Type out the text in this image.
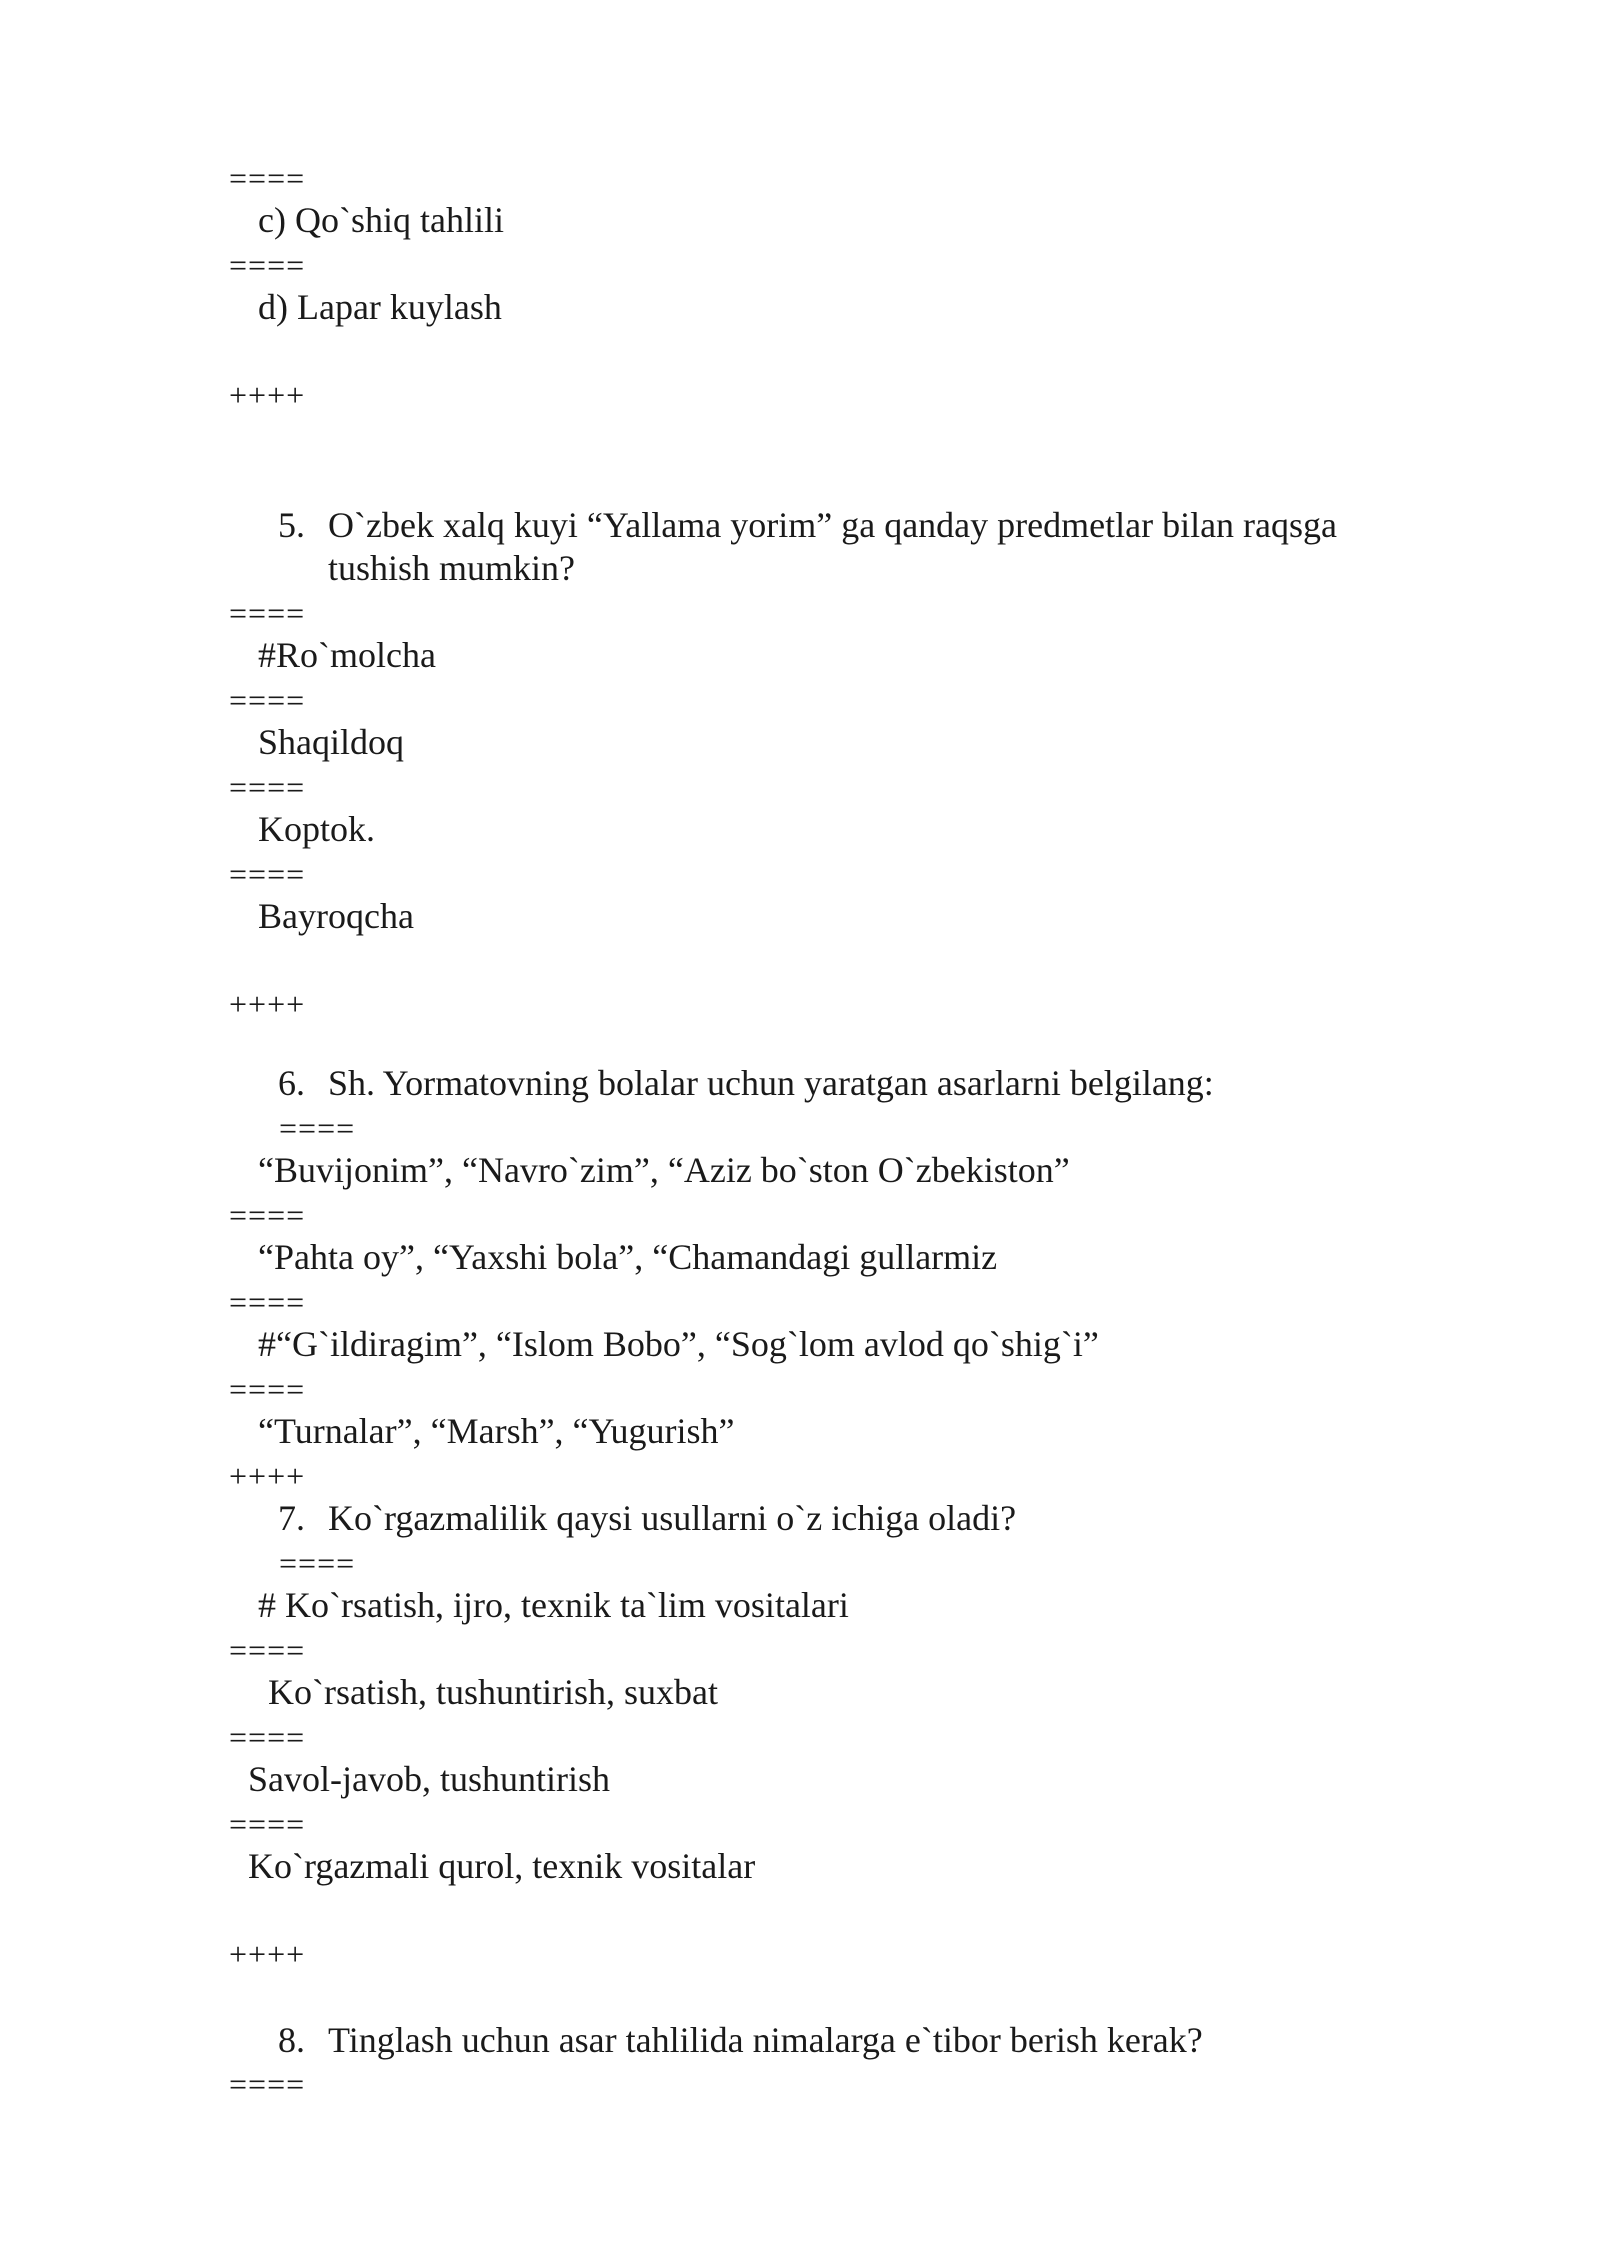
====
c) Qo`shiq tahlili
====
d) Lapar kuylash
++++
5. O`zbek xalq kuyi “Yallama yorim” ga qanday predmetlar bilan raqsga
tushish mumkin?
====
#Ro`molcha
====
Shaqildoq
====
Koptok.
====
Bayroqcha
++++
6. Sh. Yormatovning bolalar uchun yaratgan asarlarni belgilang:
====
“Buvijonim”, “Navro`zim”, “Aziz bo`ston O`zbekiston”
====
“Pahta oy”, “Yaxshi bola”, “Chamandagi gullarmiz
====
#“G`ildiragim”, “Islom Bobo”, “Sog`lom avlod qo`shig`i”
====
“Turnalar”, “Marsh”, “Yugurish”
++++
7. Ko`rgazmalilik qaysi usullarni o`z ichiga oladi?
====
# Ko`rsatish, ijro, texnik ta`lim vositalari
====
Ko`rsatish, tushuntirish, suxbat
====
Savol-javob, tushuntirish
====
Ko`rgazmali qurol, texnik vositalar
++++
8. Tinglash uchun asar tahlilida nimalarga e`tibor berish kerak?
====
